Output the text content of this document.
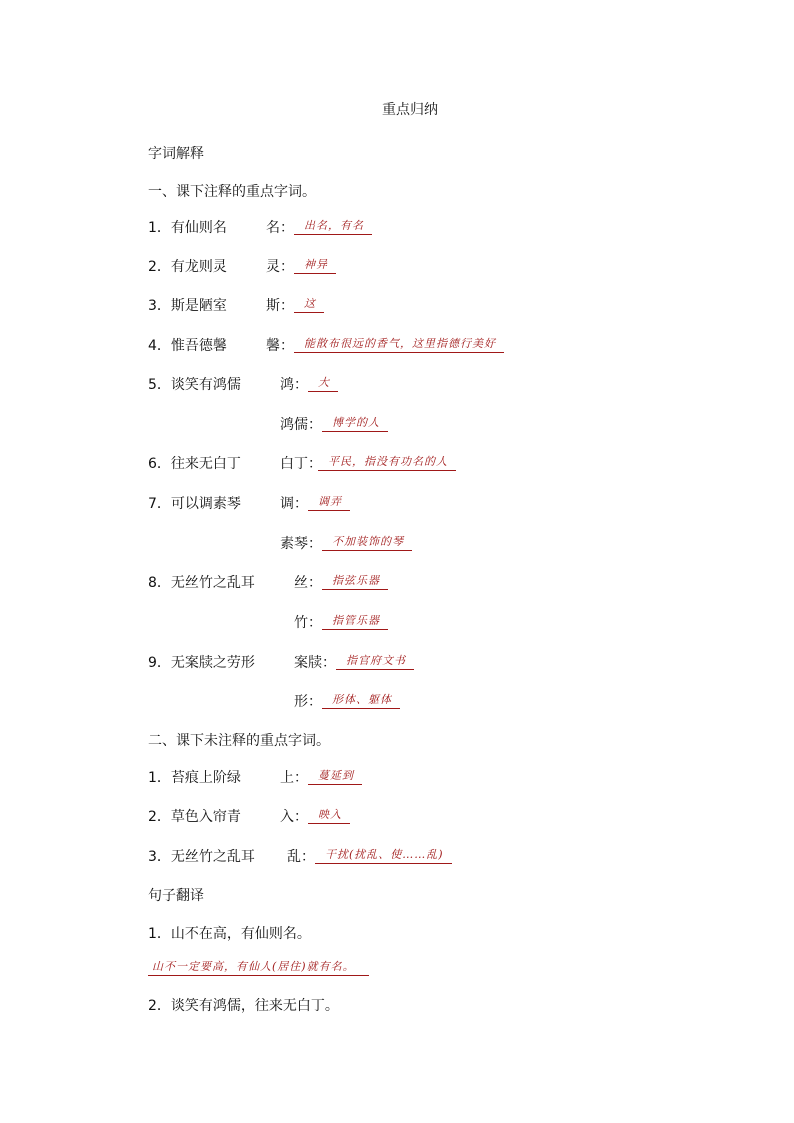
重点归纳
字词解释
一、课下注释的重点字词。
1．有仙则名	名： 出名，有名
2．有龙则灵	灵： 神异
3．斯是陋室	斯： 这
4．惟吾德馨	馨： 能散布很远的香气，这里指德行美好
5．谈笑有鸿儒	鸿： 大
鸿儒： 博学的人
6．往来无白丁	白丁： 平民，指没有功名的人
7．可以调素琴	调： 调弄
素琴： 不加装饰的琴
8．无丝竹之乱耳	丝： 指弦乐器
竹： 指管乐器
9．无案牍之劳形	案牍： 指官府文书
形： 形体、躯体
二、课下未注释的重点字词。
1．苔痕上阶绿	上： 蔓延到
2．草色入帘青	入： 映入
3．无丝竹之乱耳 乱： 干扰(扰乱、使……乱)
句子翻译
1．山不在高，有仙则名。
山不一定要高，有仙人(居住)就有名。
2．谈笑有鸿儒，往来无白丁。
